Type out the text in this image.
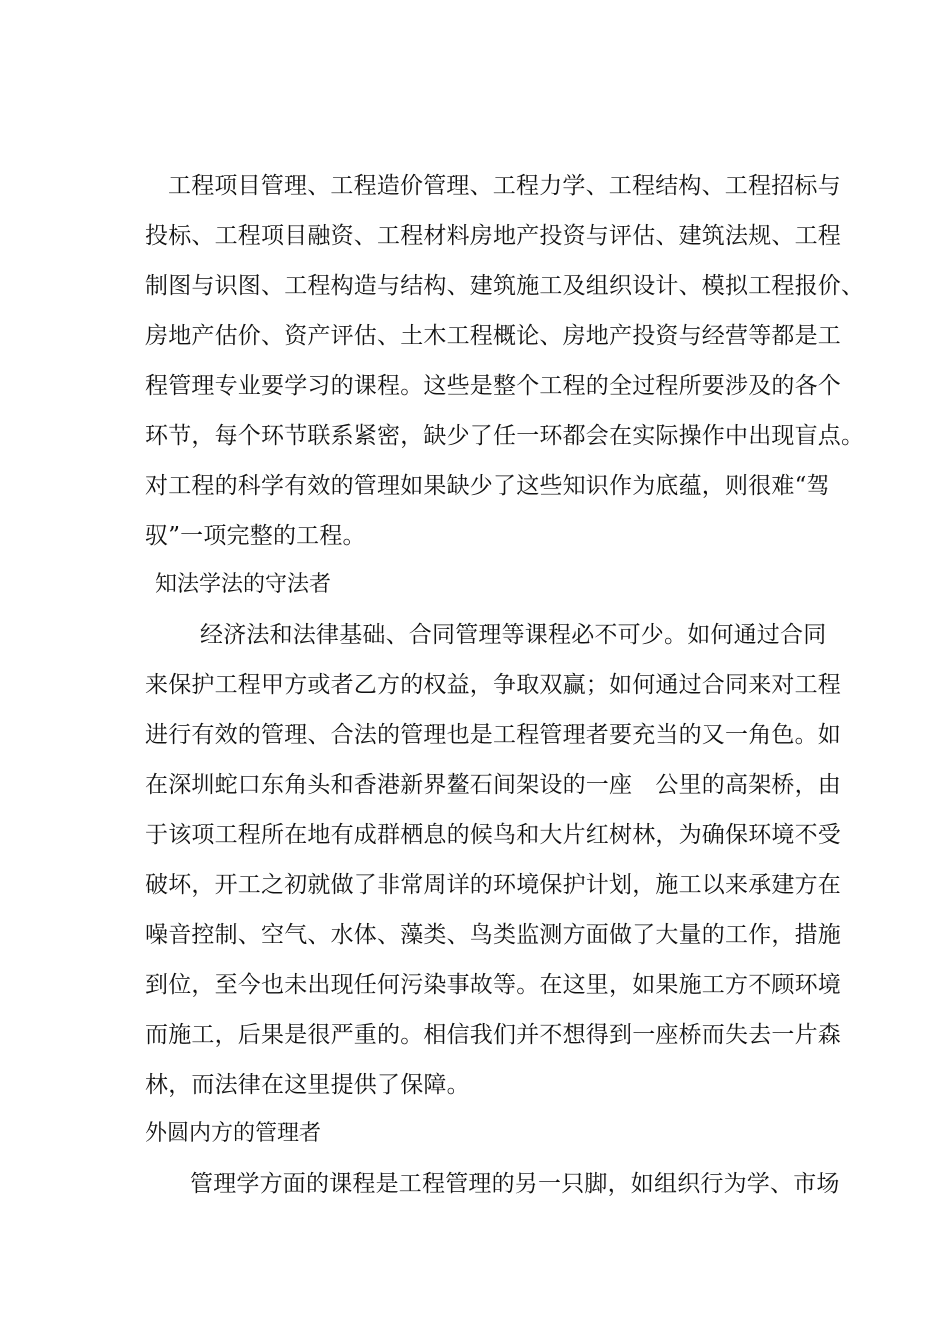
工程项目管理、工程造价管理、工程力学、工程结构、工程招标与

投标、工程项目融资、工程材料房地产投资与评估、建筑法规、工程

制图与识图、工程构造与结构、建筑施工及组织设计、模拟工程报价、

房地产估价、资产评估、土木工程概论、房地产投资与经营等都是工

程管理专业要学习的课程。这些是整个工程的全过程所要涉及的各个

环节，每个环节联系紧密，缺少了任一环都会在实际操作中出现盲点。

对工程的科学有效的管理如果缺少了这些知识作为底蕴，则很难“驾

驭”一项完整的工程。

知法学法的守法者

经济法和法律基础、合同管理等课程必不可少。如何通过合同

来保护工程甲方或者乙方的权益，争取双赢；如何通过合同来对工程

进行有效的管理、合法的管理也是工程管理者要充当的又一角色。如

在深圳蛇口东角头和香港新界鳌石间架设的一座　公里的高架桥，由

于该项工程所在地有成群栖息的候鸟和大片红树林，为确保环境不受

破坏，开工之初就做了非常周详的环境保护计划，施工以来承建方在

噪音控制、空气、水体、藻类、鸟类监测方面做了大量的工作，措施

到位，至今也未出现任何污染事故等。在这里，如果施工方不顾环境

而施工，后果是很严重的。相信我们并不想得到一座桥而失去一片森

林，而法律在这里提供了保障。

外圆内方的管理者

管理学方面的课程是工程管理的另一只脚，如组织行为学、市场
